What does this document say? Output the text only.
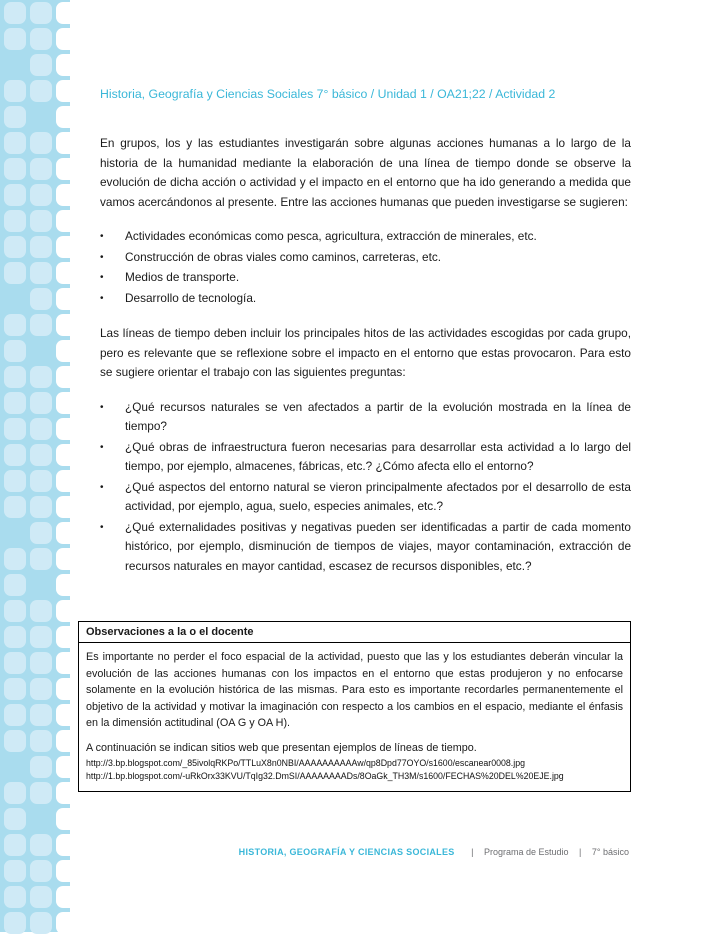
Historia, Geografía y Ciencias Sociales 7° básico / Unidad 1 / OA21;22 / Actividad 2

En grupos, los y las estudiantes investigarán sobre algunas acciones humanas a lo largo de la historia de la humanidad mediante la elaboración de una línea de tiempo donde se observe la evolución de dicha acción o actividad y el impacto en el entorno que ha ido generando a medida que vamos acercándonos al presente. Entre las acciones humanas que pueden investigarse se sugieren:

•	Actividades económicas como pesca, agricultura, extracción de minerales, etc.
•	Construcción de obras viales como caminos, carreteras, etc.
•	Medios de transporte.
•	Desarrollo de tecnología.

Las líneas de tiempo deben incluir los principales hitos de las actividades escogidas por cada grupo, pero es relevante que se reflexione sobre el impacto en el entorno que estas provocaron. Para esto se sugiere orientar el trabajo con las siguientes preguntas:

•	¿Qué recursos naturales se ven afectados a partir de la evolución mostrada en la línea de tiempo?
•	¿Qué obras de infraestructura fueron necesarias para desarrollar esta actividad a lo largo del tiempo, por ejemplo, almacenes, fábricas, etc.? ¿Cómo afecta ello el entorno?
•	¿Qué aspectos del entorno natural se vieron principalmente afectados por el desarrollo de esta actividad, por ejemplo, agua, suelo, especies animales, etc.?
•	¿Qué externalidades positivas y negativas pueden ser identificadas a partir de cada momento histórico, por ejemplo, disminución de tiempos de viajes, mayor contaminación, extracción de recursos naturales en mayor cantidad, escasez de recursos disponibles, etc.?
Observaciones a la o el docente

Es importante no perder el foco espacial de la actividad, puesto que las y los estudiantes deberán vincular la evolución de las acciones humanas con los impactos en el entorno que estas produjeron y no enfocarse solamente en la evolución histórica de las mismas. Para esto es importante recordarles permanentemente el objetivo de la actividad y motivar la imaginación con respecto a los cambios en el espacio, mediante el énfasis en la dimensión actitudinal (OA G y OA H).

A continuación se indican sitios web que presentan ejemplos de líneas de tiempo.

http://3.bp.blogspot.com/_85ivolqRKPo/TTLuX8n0NBI/AAAAAAAAAAw/qp8Dpd77OYO/s1600/escanear0008.jpg
http://1.bp.blogspot.com/-uRkOrx33KVU/TqIg32.DmSI/AAAAAAAADs/8OaGk_TH3M/s1600/FECHAS%20DEL%20EJE.jpg
HISTORIA, GEOGRAFÍA Y CIENCIAS SOCIALES | Programa de Estudio | 7° básico
